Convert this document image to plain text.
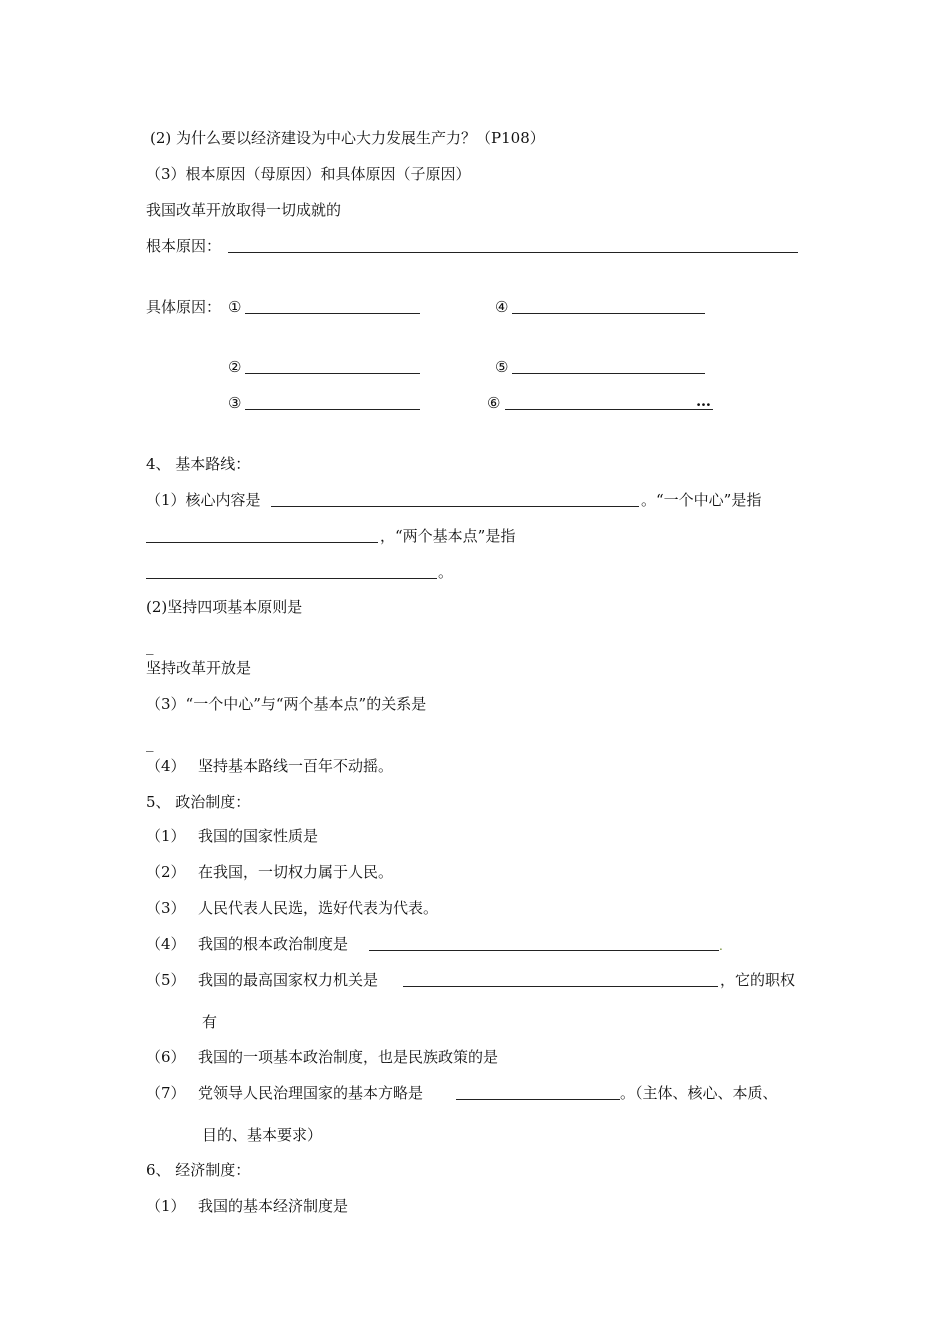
(2) 为什么要以经济建设为中心大力发展生产力？（P108）
（3）根本原因（母原因）和具体原因（子原因）
我国改革开放取得一切成就的
根本原因：
具体原因： ①	④
②	⑤
③	⑥	…
4、 基本路线：
（1）核心内容是	。“一个中心”是指
，“两个基本点”是指
。
(2)坚持四项基本原则是
_
坚持改革开放是
（3）“一个中心”与“两个基本点”的关系是
_
（4） 坚持基本路线一百年不动摇。
5、 政治制度：
（1） 我国的国家性质是
（2） 在我国，一切权力属于人民。
（3） 人民代表人民选，选好代表为代表。
（4） 我国的根本政治制度是	.
（5） 我国的最高国家权力机关是	，它的职权
有
（6） 我国的一项基本政治制度，也是民族政策的是
（7） 党领导人民治理国家的基本方略是	。（主体、核心、本质、
目的、基本要求）
6、 经济制度：
（1） 我国的基本经济制度是
